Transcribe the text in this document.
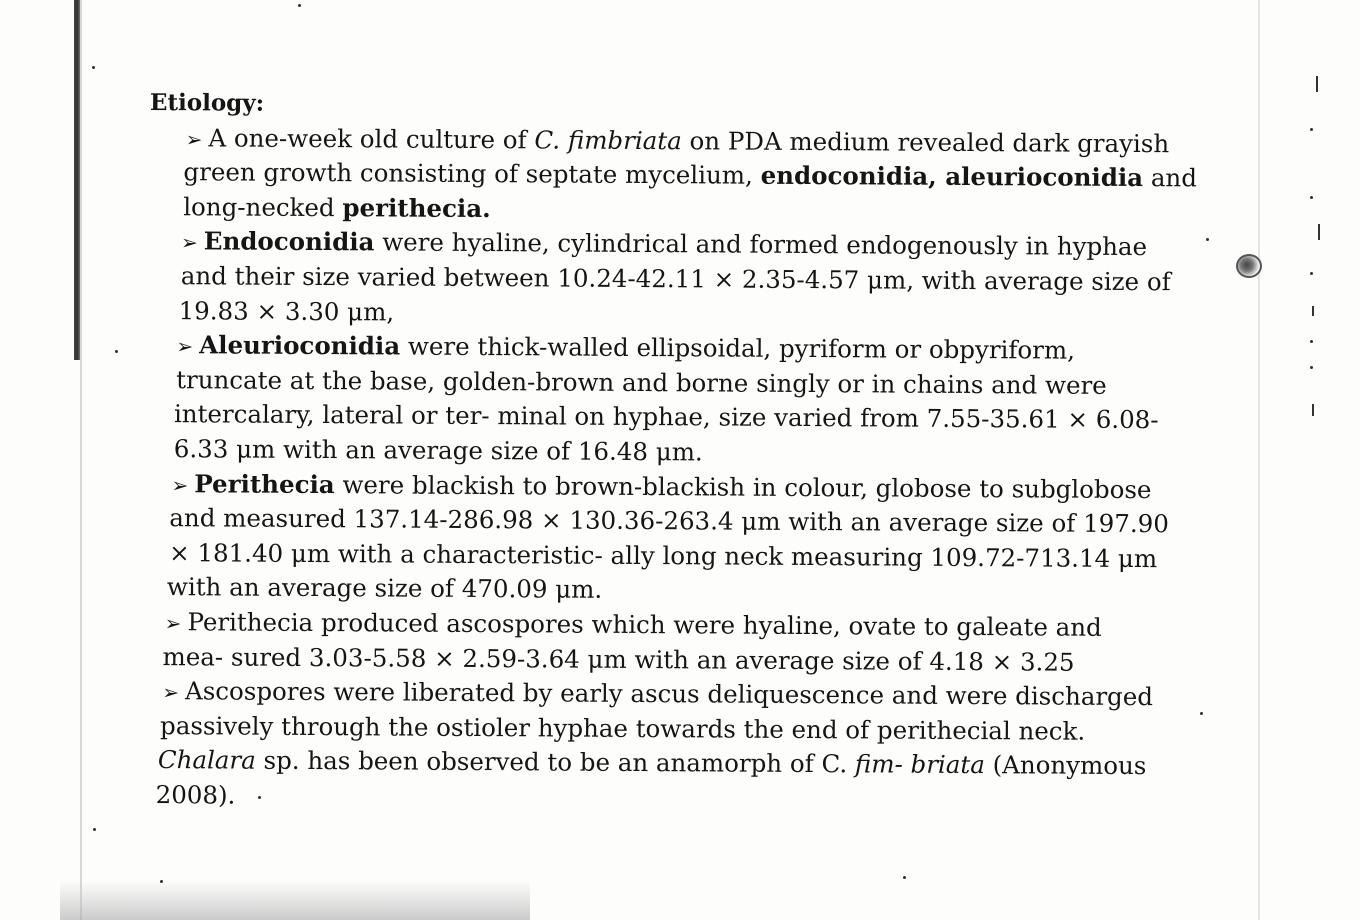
Etiology:
➢ A one-week old culture of C. fimbriata on PDA medium revealed dark grayish
green growth consisting of septate mycelium, endoconidia, aleurioconidia and
long-necked perithecia.
➢ Endoconidia were hyaline, cylindrical and formed endogenously in hyphae
and their size varied between 10.24-42.11 × 2.35-4.57 μm, with average size of
19.83 × 3.30 μm,
➢ Aleurioconidia were thick-walled ellipsoidal, pyriform or obpyriform,
truncate at the base, golden-brown and borne singly or in chains and were
intercalary, lateral or ter- minal on hyphae, size varied from 7.55-35.61 × 6.08-
6.33 μm with an average size of 16.48 μm.
➢ Perithecia were blackish to brown-blackish in colour, globose to subglobose
and measured 137.14-286.98 × 130.36-263.4 μm with an average size of 197.90
× 181.40 μm with a characteristic- ally long neck measuring 109.72-713.14 μm
with an average size of 470.09 μm.
➢ Perithecia produced ascospores which were hyaline, ovate to galeate and
mea- sured 3.03-5.58 × 2.59-3.64 μm with an average size of 4.18 × 3.25
➢ Ascospores were liberated by early ascus deliquescence and were discharged
passively through the ostioler hyphae towards the end of perithecial neck.
Chalara sp. has been observed to be an anamorph of C. fim- briata (Anonymous
2008).
